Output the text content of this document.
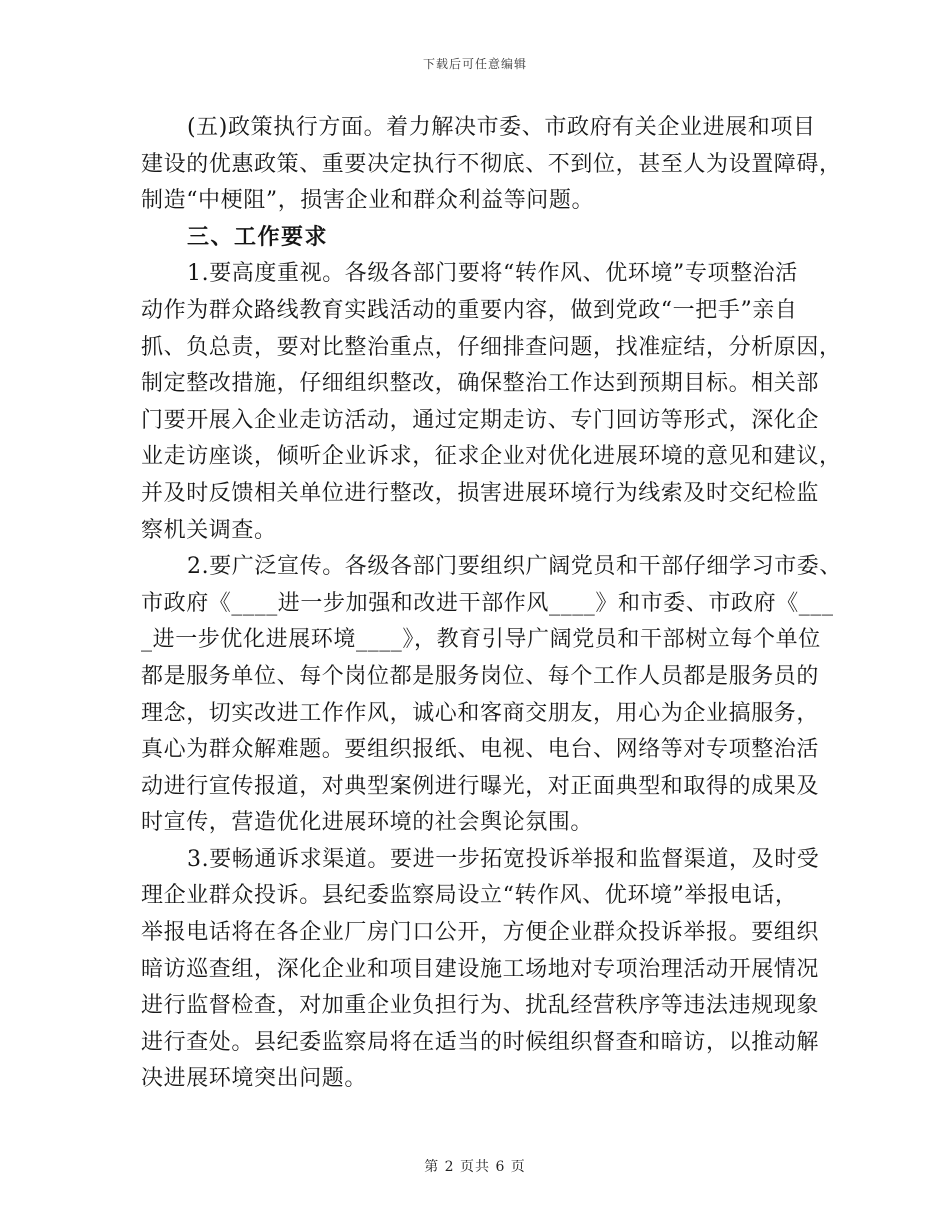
下载后可任意编辑
(五)政策执行方面。着力解决市委、市政府有关企业进展和项目
建设的优惠政策、重要决定执行不彻底、不到位，甚至人为设置障碍，
制造“中梗阻”，损害企业和群众利益等问题。
三、工作要求
1.要高度重视。各级各部门要将“转作风、优环境”专项整治活
动作为群众路线教育实践活动的重要内容，做到党政“一把手”亲自
抓、负总责，要对比整治重点，仔细排查问题，找准症结，分析原因，
制定整改措施，仔细组织整改，确保整治工作达到预期目标。相关部
门要开展入企业走访活动，通过定期走访、专门回访等形式，深化企
业走访座谈，倾听企业诉求，征求企业对优化进展环境的意见和建议，
并及时反馈相关单位进行整改，损害进展环境行为线索及时交纪检监
察机关调查。
2.要广泛宣传。各级各部门要组织广阔党员和干部仔细学习市委、
市政府《____进一步加强和改进干部作风____》和市委、市政府《___
_进一步优化进展环境____》，教育引导广阔党员和干部树立每个单位
都是服务单位、每个岗位都是服务岗位、每个工作人员都是服务员的
理念，切实改进工作作风，诚心和客商交朋友，用心为企业搞服务，
真心为群众解难题。要组织报纸、电视、电台、网络等对专项整治活
动进行宣传报道，对典型案例进行曝光，对正面典型和取得的成果及
时宣传，营造优化进展环境的社会舆论氛围。
3.要畅通诉求渠道。要进一步拓宽投诉举报和监督渠道，及时受
理企业群众投诉。县纪委监察局设立“转作风、优环境”举报电话，
举报电话将在各企业厂房门口公开，方便企业群众投诉举报。要组织
暗访巡查组，深化企业和项目建设施工场地对专项治理活动开展情况
进行监督检查，对加重企业负担行为、扰乱经营秩序等违法违规现象
进行查处。县纪委监察局将在适当的时候组织督查和暗访，以推动解
决进展环境突出问题。
第 2 页共 6 页
